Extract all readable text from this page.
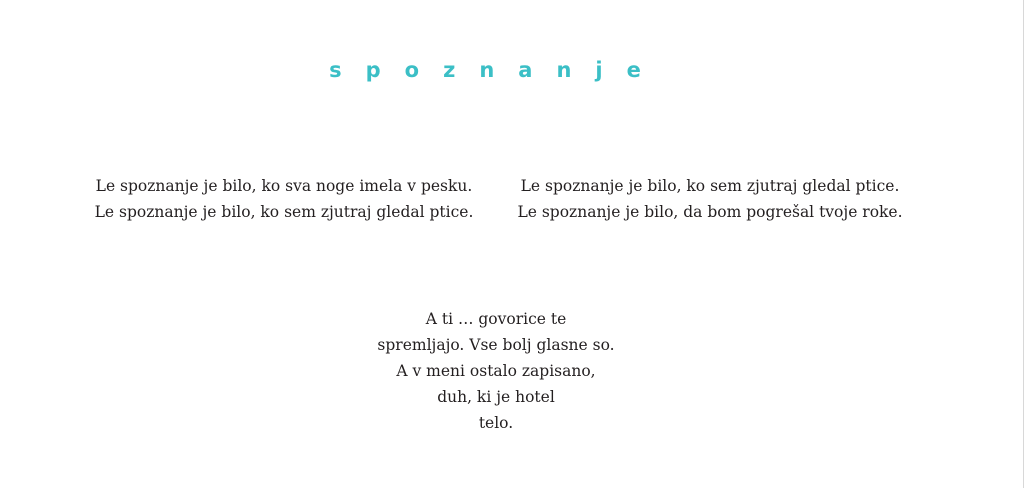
spoznanje

Le spoznanje je bilo, ko sva noge imela v pesku.
Le spoznanje je bilo, ko sem zjutraj gledal ptice.

Le spoznanje je bilo, ko sem zjutraj gledal ptice.
Le spoznanje je bilo, da bom pogrešal tvoje roke.

A ti … govorice te
spremljajo. Vse bolj glasne so.
A v meni ostalo zapisano,
duh, ki je hotel
telo.
